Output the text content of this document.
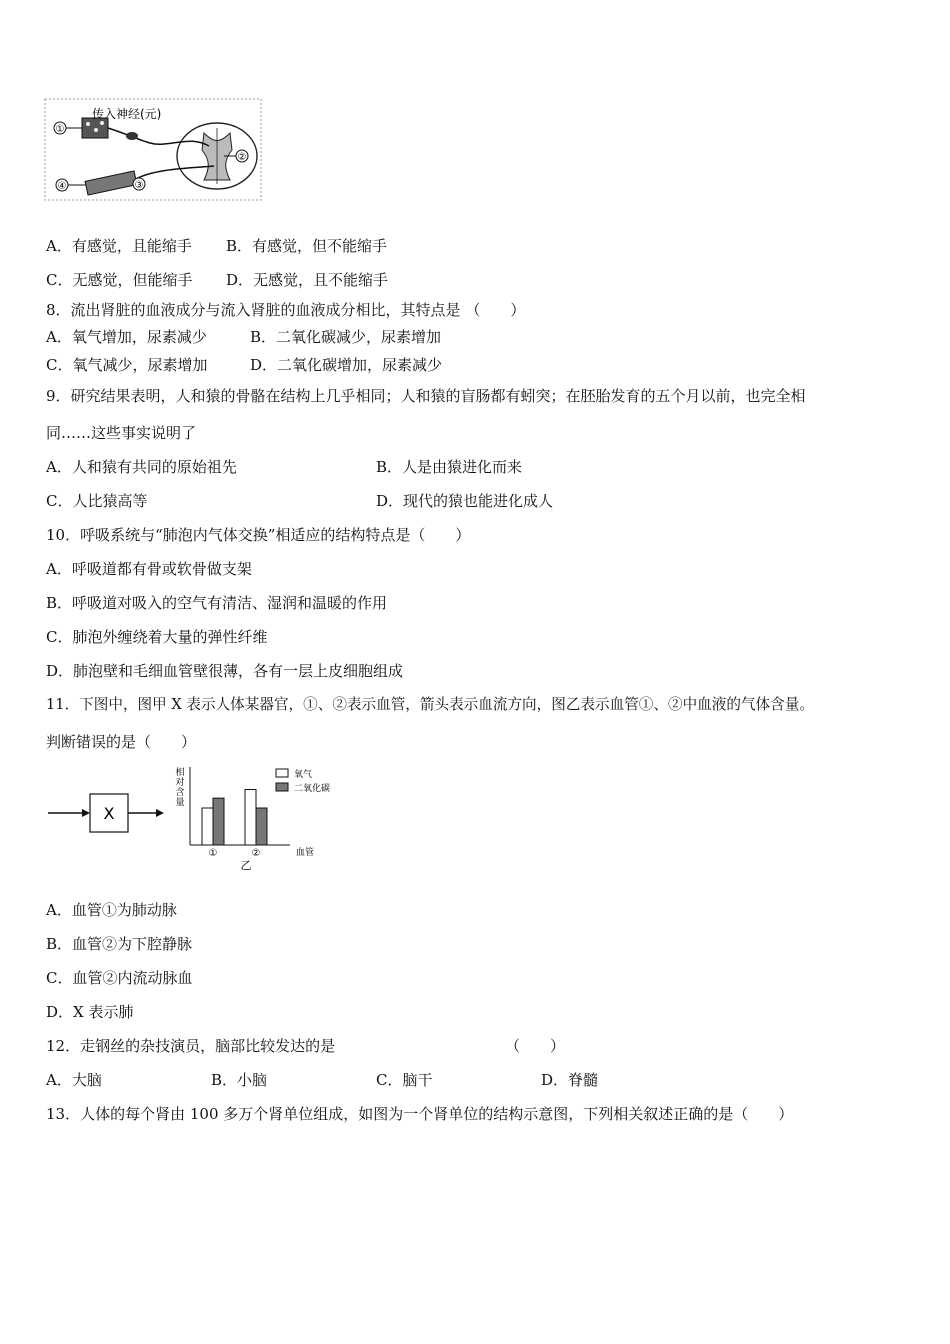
①
②
③
④
传入神经(元)
A．有感觉，且能缩手 B．有感觉，但不能缩手
C．无感觉，但能缩手 D．无感觉，且不能缩手
8．流出肾脏的血液成分与流入肾脏的血液成分相比，其特点是 （　　）
A．氧气增加，尿素减少	B．二氧化碳减少，尿素增加
C．氧气减少，尿素增加	D．二氧化碳增加，尿素减少
9．研究结果表明，人和猿的骨骼在结构上几乎相同；人和猿的盲肠都有蚓突；在胚胎发育的五个月以前，也完全相
同……这些事实说明了
A．人和猿有共同的原始祖先	B．人是由猿进化而来
C．人比猿高等	D．现代的猿也能进化成人
10．呼吸系统与“肺泡内气体交换”相适应的结构特点是（　　）
A．呼吸道都有骨或软骨做支架
B．呼吸道对吸入的空气有清洁、湿润和温暖的作用
C．肺泡外缠绕着大量的弹性纤维
D．肺泡壁和毛细血管壁很薄，各有一层上皮细胞组成
11．下图中，图甲 X 表示人体某器官，①、②表示血管，箭头表示血流方向，图乙表示血管①、②中血液的气体含量。
判断错误的是（　　）
X
相对含量
①	②	血管
乙
氧气
二氧化碳
A．血管①为肺动脉
B．血管②为下腔静脉
C．血管②内流动脉血
D．X 表示肺
12．走钢丝的杂技演员，脑部比较发达的是	（　　）
A．大脑	B．小脑	C．脑干	D．脊髓
13．人体的每个肾由 100 多万个肾单位组成，如图为一个肾单位的结构示意图，下列相关叙述正确的是（　　）
